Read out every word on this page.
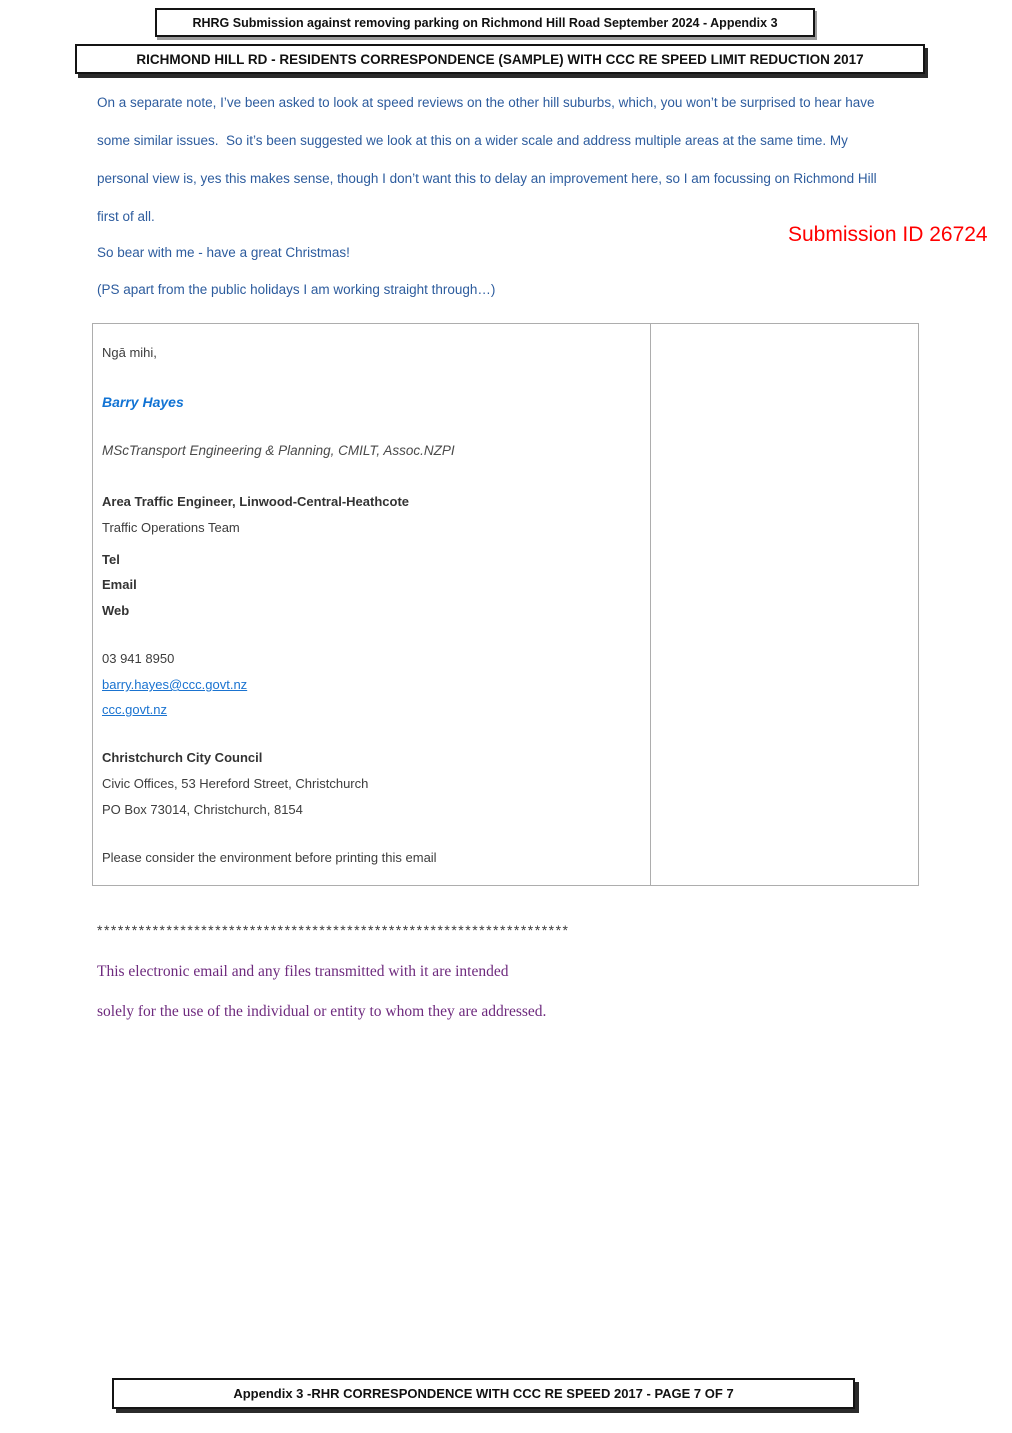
RHRG Submission against removing parking on Richmond Hill Road September 2024 - Appendix 3
RICHMOND HILL RD - RESIDENTS CORRESPONDENCE (SAMPLE) WITH CCC RE SPEED LIMIT REDUCTION 2017
On a separate note, I’ve been asked to look at speed reviews on the other hill suburbs, which, you won’t be surprised to hear have
some similar issues.  So it’s been suggested we look at this on a wider scale and address multiple areas at the same time. My
personal view is, yes this makes sense, though I don’t want this to delay an improvement here, so I am focussing on Richmond Hill
first of all.
So bear with me - have a great Christmas!
(PS apart from the public holidays I am working straight through…)
Submission ID 26724
Ngā mihi,
Barry Hayes
MScTransport Engineering & Planning, CMILT, Assoc.NZPI
Area Traffic Engineer, Linwood-Central-Heathcote
Traffic Operations Team
Tel
Email
Web
03 941 8950
barry.hayes@ccc.govt.nz
ccc.govt.nz
Christchurch City Council
Civic Offices, 53 Hereford Street, Christchurch
PO Box 73014, Christchurch, 8154
Please consider the environment before printing this email
********************************************************************
This electronic email and any files transmitted with it are intended
solely for the use of the individual or entity to whom they are addressed.
Appendix 3 -RHR CORRESPONDENCE WITH CCC RE SPEED 2017 - PAGE 7 OF 7
